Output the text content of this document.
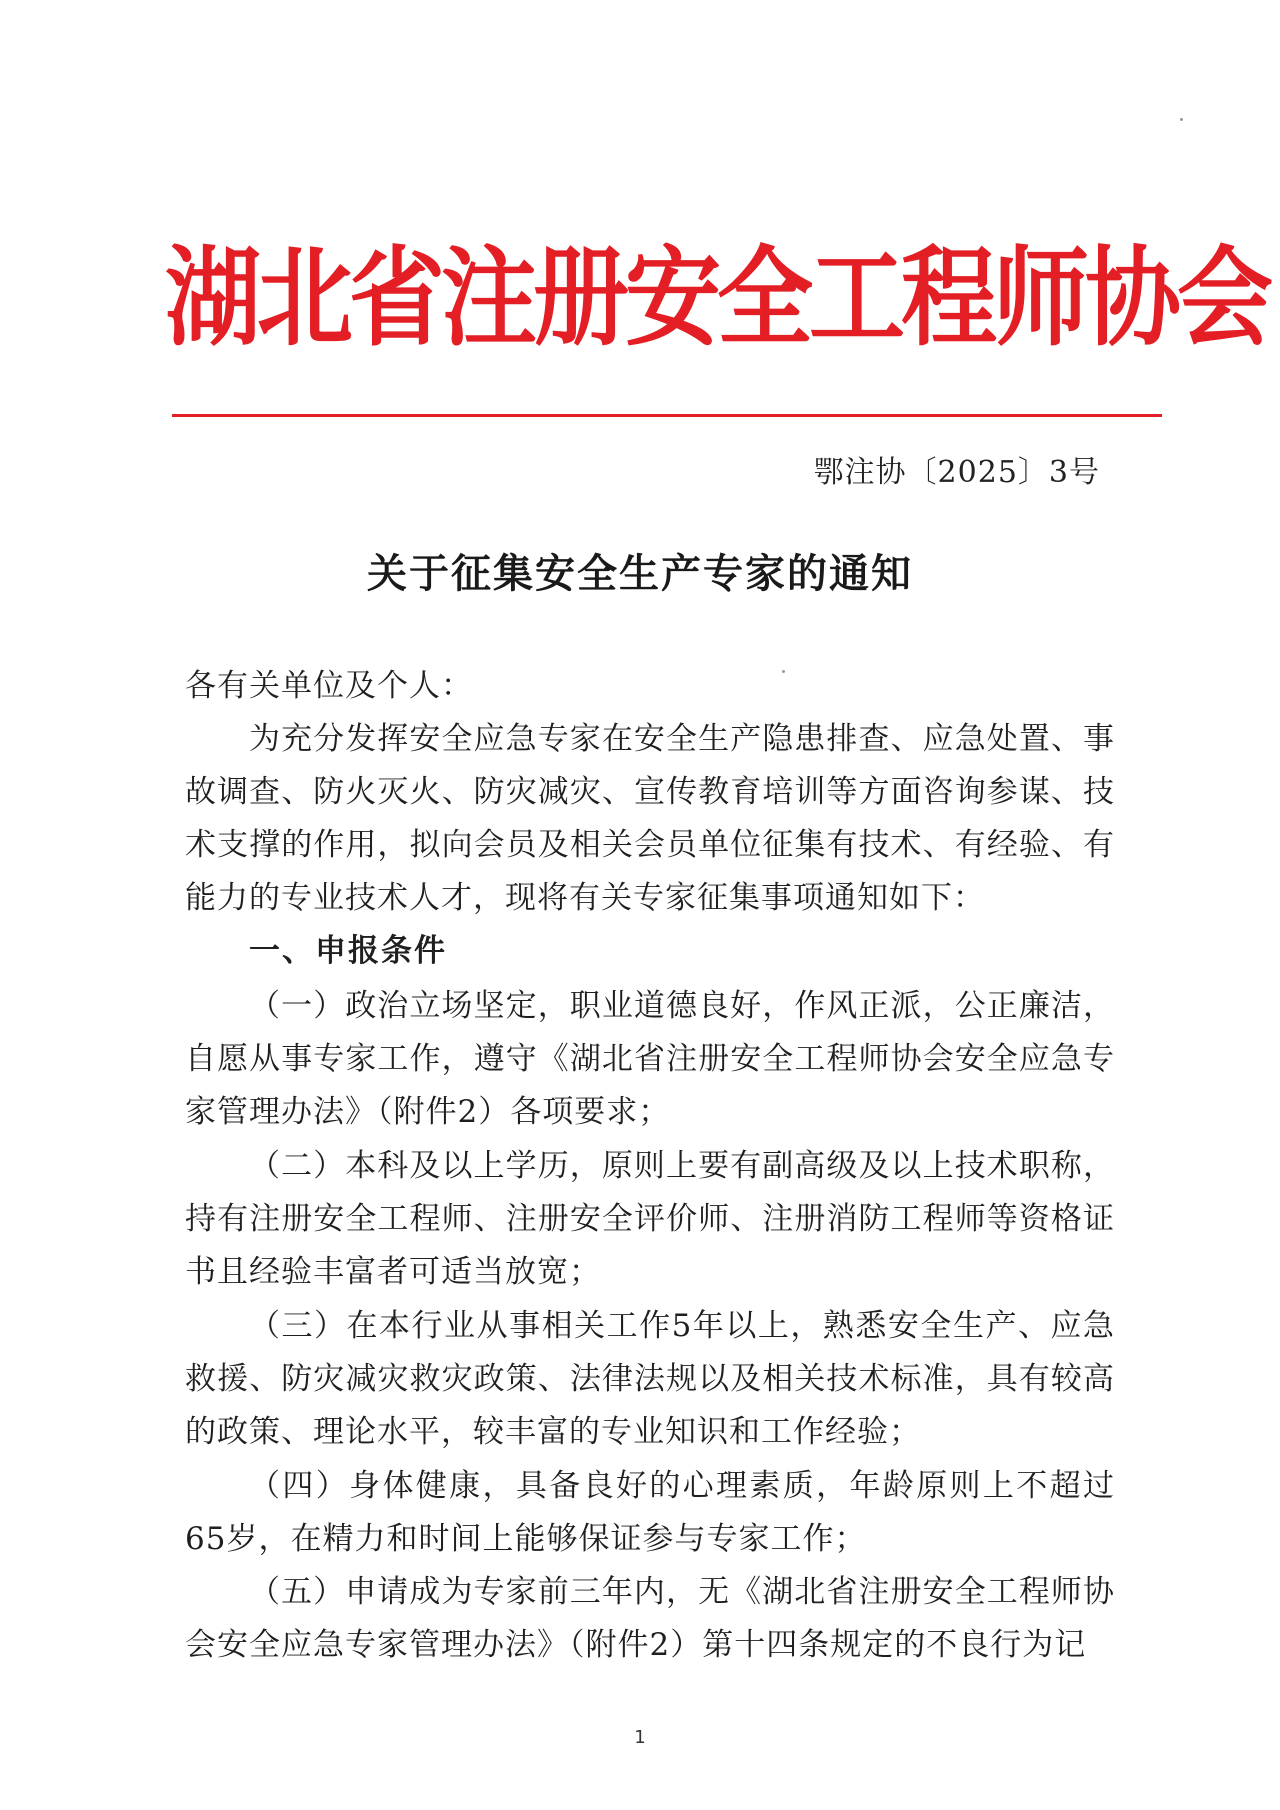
湖北省注册安全工程师协会
鄂注协〔2025〕3号
关于征集安全生产专家的通知

各有关单位及个人：

为充分发挥安全应急专家在安全生产隐患排查、应急处置、事故调查、防火灭火、防灾减灾、宣传教育培训等方面咨询参谋、技术支撑的作用，拟向会员及相关会员单位征集有技术、有经验、有能力的专业技术人才，现将有关专家征集事项通知如下：

一、申报条件

（一）政治立场坚定，职业道德良好，作风正派，公正廉洁，自愿从事专家工作，遵守《湖北省注册安全工程师协会安全应急专家管理办法》（附件2）各项要求；

（二）本科及以上学历，原则上要有副高级及以上技术职称，持有注册安全工程师、注册安全评价师、注册消防工程师等资格证书且经验丰富者可适当放宽；

（三）在本行业从事相关工作5年以上，熟悉安全生产、应急救援、防灾减灾救灾政策、法律法规以及相关技术标准，具有较高的政策、理论水平，较丰富的专业知识和工作经验；

（四）身体健康，具备良好的心理素质，年龄原则上不超过65岁，在精力和时间上能够保证参与专家工作；

（五）申请成为专家前三年内，无《湖北省注册安全工程师协会安全应急专家管理办法》（附件2）第十四条规定的不良行为记

1
